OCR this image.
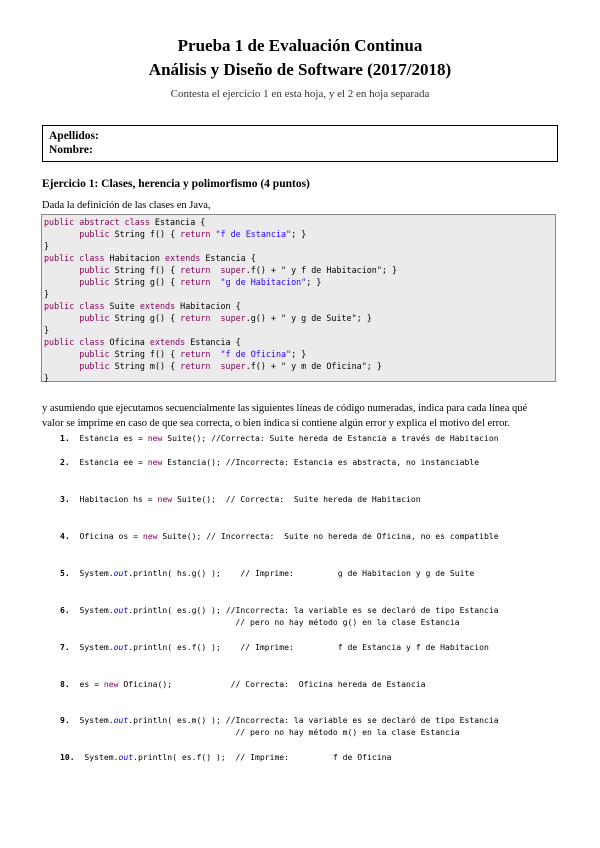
Prueba 1 de Evaluación Continua
Análisis y Diseño de Software (2017/2018)
Contesta el ejercicio 1 en esta hoja, y el 2 en hoja separada
Apellidos:
Nombre:
Ejercicio 1: Clases, herencia y polimorfismo (4 puntos)
Dada la definición de las clases en Java,
public abstract class Estancia {
public String f() { return "f de Estancia"; }
}
public class Habitacion extends Estancia {
public String f() { return  super.f() + " y f de Habitacion"; }
public String g() { return  "g de Habitacion"; }
}
public class Suite extends Habitacion {
public String g() { return  super.g() + " y g de Suite"; }
}
public class Oficina extends Estancia {
public String f() { return  "f de Oficina"; }
public String m() { return  super.f() + " y m de Oficina"; }
}
y asumiendo que ejecutamos secuencialmente las siguientes líneas de código numeradas, indica para cada línea qué
valor se imprime en caso de que sea correcta, o bien indica si contiene algún error y explica el motivo del error.
1. Estancia es = new Suite(); //Correcta: Suite hereda de Estancia a través de Habitacion
2. Estancia ee = new Estancia(); //Incorrecta: Estancia es abstracta, no instanciable
3. Habitacion hs = new Suite();  // Correcta:  Suite hereda de Habitacion
4. Oficina os = new Suite(); // Incorrecta:  Suite no hereda de Oficina, no es compatible
5. System.out.println( hs.g() );    // Imprime:         g de Habitacion y g de Suite
6. System.out.println( es.g() ); //Incorrecta: la variable es se declaró de tipo Estancia
// pero no hay método g() en la clase Estancia
7. System.out.println( es.f() );    // Imprime:         f de Estancia y f de Habitacion
8. es = new Oficina();            // Correcta:  Oficina hereda de Estancia
9. System.out.println( es.m() ); //Incorrecta: la variable es se declaró de tipo Estancia
// pero no hay método m() en la clase Estancia
10. System.out.println( es.f() );  // Imprime:         f de Oficina
